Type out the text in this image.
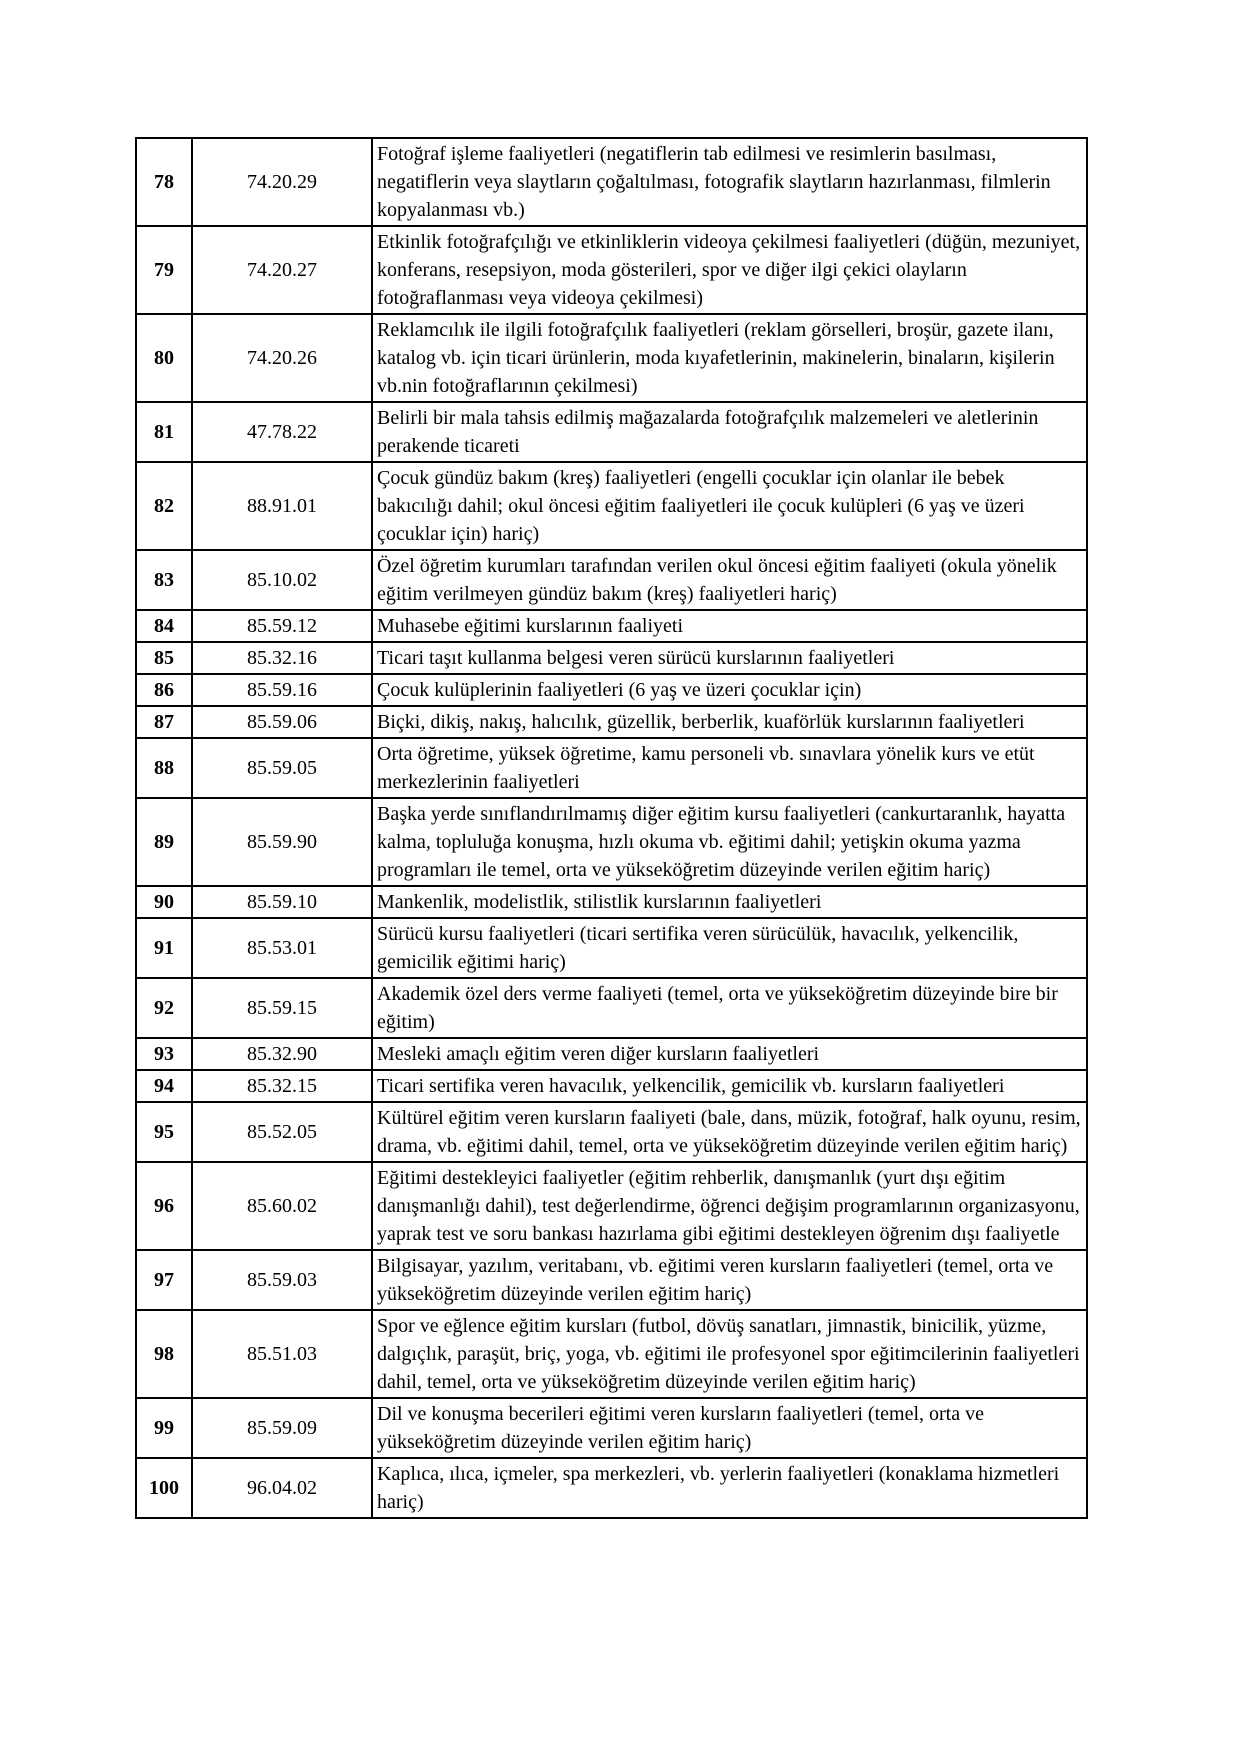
78	74.20.29	Fotoğraf işleme faaliyetleri (negatiflerin tab edilmesi ve resimlerin basılması, negatiflerin veya slaytların çoğaltılması, fotografik slaytların hazırlanması, filmlerin kopyalanması vb.)
79	74.20.27	Etkinlik fotoğrafçılığı ve etkinliklerin videoya çekilmesi faaliyetleri (düğün, mezuniyet, konferans, resepsiyon, moda gösterileri, spor ve diğer ilgi çekici olayların fotoğraflanması veya videoya çekilmesi)
80	74.20.26	Reklamcılık ile ilgili fotoğrafçılık faaliyetleri (reklam görselleri, broşür, gazete ilanı, katalog vb. için ticari ürünlerin, moda kıyafetlerinin, makinelerin, binaların, kişilerin vb.nin fotoğraflarının çekilmesi)
81	47.78.22	Belirli bir mala tahsis edilmiş mağazalarda fotoğrafçılık malzemeleri ve aletlerinin perakende ticareti
82	88.91.01	Çocuk gündüz bakım (kreş) faaliyetleri (engelli çocuklar için olanlar ile bebek bakıcılığı dahil; okul öncesi eğitim faaliyetleri ile çocuk kulüpleri (6 yaş ve üzeri çocuklar için) hariç)
83	85.10.02	Özel öğretim kurumları tarafından verilen okul öncesi eğitim faaliyeti (okula yönelik eğitim verilmeyen gündüz bakım (kreş) faaliyetleri hariç)
84	85.59.12	Muhasebe eğitimi kurslarının faaliyeti
85	85.32.16	Ticari taşıt kullanma belgesi veren sürücü kurslarının faaliyetleri
86	85.59.16	Çocuk kulüplerinin faaliyetleri (6 yaş ve üzeri çocuklar için)
87	85.59.06	Biçki, dikiş, nakış, halıcılık, güzellik, berberlik, kuaförlük kurslarının faaliyetleri
88	85.59.05	Orta öğretime, yüksek öğretime, kamu personeli vb. sınavlara yönelik kurs ve etüt merkezlerinin faaliyetleri
89	85.59.90	Başka yerde sınıflandırılmamış diğer eğitim kursu faaliyetleri (cankurtaranlık, hayatta kalma, topluluğa konuşma, hızlı okuma vb. eğitimi dahil; yetişkin okuma yazma programları ile temel, orta ve yükseköğretim düzeyinde verilen eğitim hariç)
90	85.59.10	Mankenlik, modelistlik, stilistlik kurslarının faaliyetleri
91	85.53.01	Sürücü kursu faaliyetleri (ticari sertifika veren sürücülük, havacılık, yelkencilik, gemicilik eğitimi hariç)
92	85.59.15	Akademik özel ders verme faaliyeti (temel, orta ve yükseköğretim düzeyinde bire bir eğitim)
93	85.32.90	Mesleki amaçlı eğitim veren diğer kursların faaliyetleri
94	85.32.15	Ticari sertifika veren havacılık, yelkencilik, gemicilik vb. kursların faaliyetleri
95	85.52.05	Kültürel eğitim veren kursların faaliyeti (bale, dans, müzik, fotoğraf, halk oyunu, resim, drama, vb. eğitimi dahil, temel, orta ve yükseköğretim düzeyinde verilen eğitim hariç)
96	85.60.02	Eğitimi destekleyici faaliyetler (eğitim rehberlik, danışmanlık (yurt dışı eğitim danışmanlığı dahil), test değerlendirme, öğrenci değişim programlarının organizasyonu, yaprak test ve soru bankası hazırlama gibi eğitimi destekleyen öğrenim dışı faaliyetle
97	85.59.03	Bilgisayar, yazılım, veritabanı, vb. eğitimi veren kursların faaliyetleri (temel, orta ve yükseköğretim düzeyinde verilen eğitim hariç)
98	85.51.03	Spor ve eğlence eğitim kursları (futbol, dövüş sanatları, jimnastik, binicilik, yüzme, dalgıçlık, paraşüt, briç, yoga, vb. eğitimi ile profesyonel spor eğitimcilerinin faaliyetleri dahil, temel, orta ve yükseköğretim düzeyinde verilen eğitim hariç)
99	85.59.09	Dil ve konuşma becerileri eğitimi veren kursların faaliyetleri (temel, orta ve yükseköğretim düzeyinde verilen eğitim hariç)
100	96.04.02	Kaplıca, ılıca, içmeler, spa merkezleri, vb. yerlerin faaliyetleri (konaklama hizmetleri hariç)
